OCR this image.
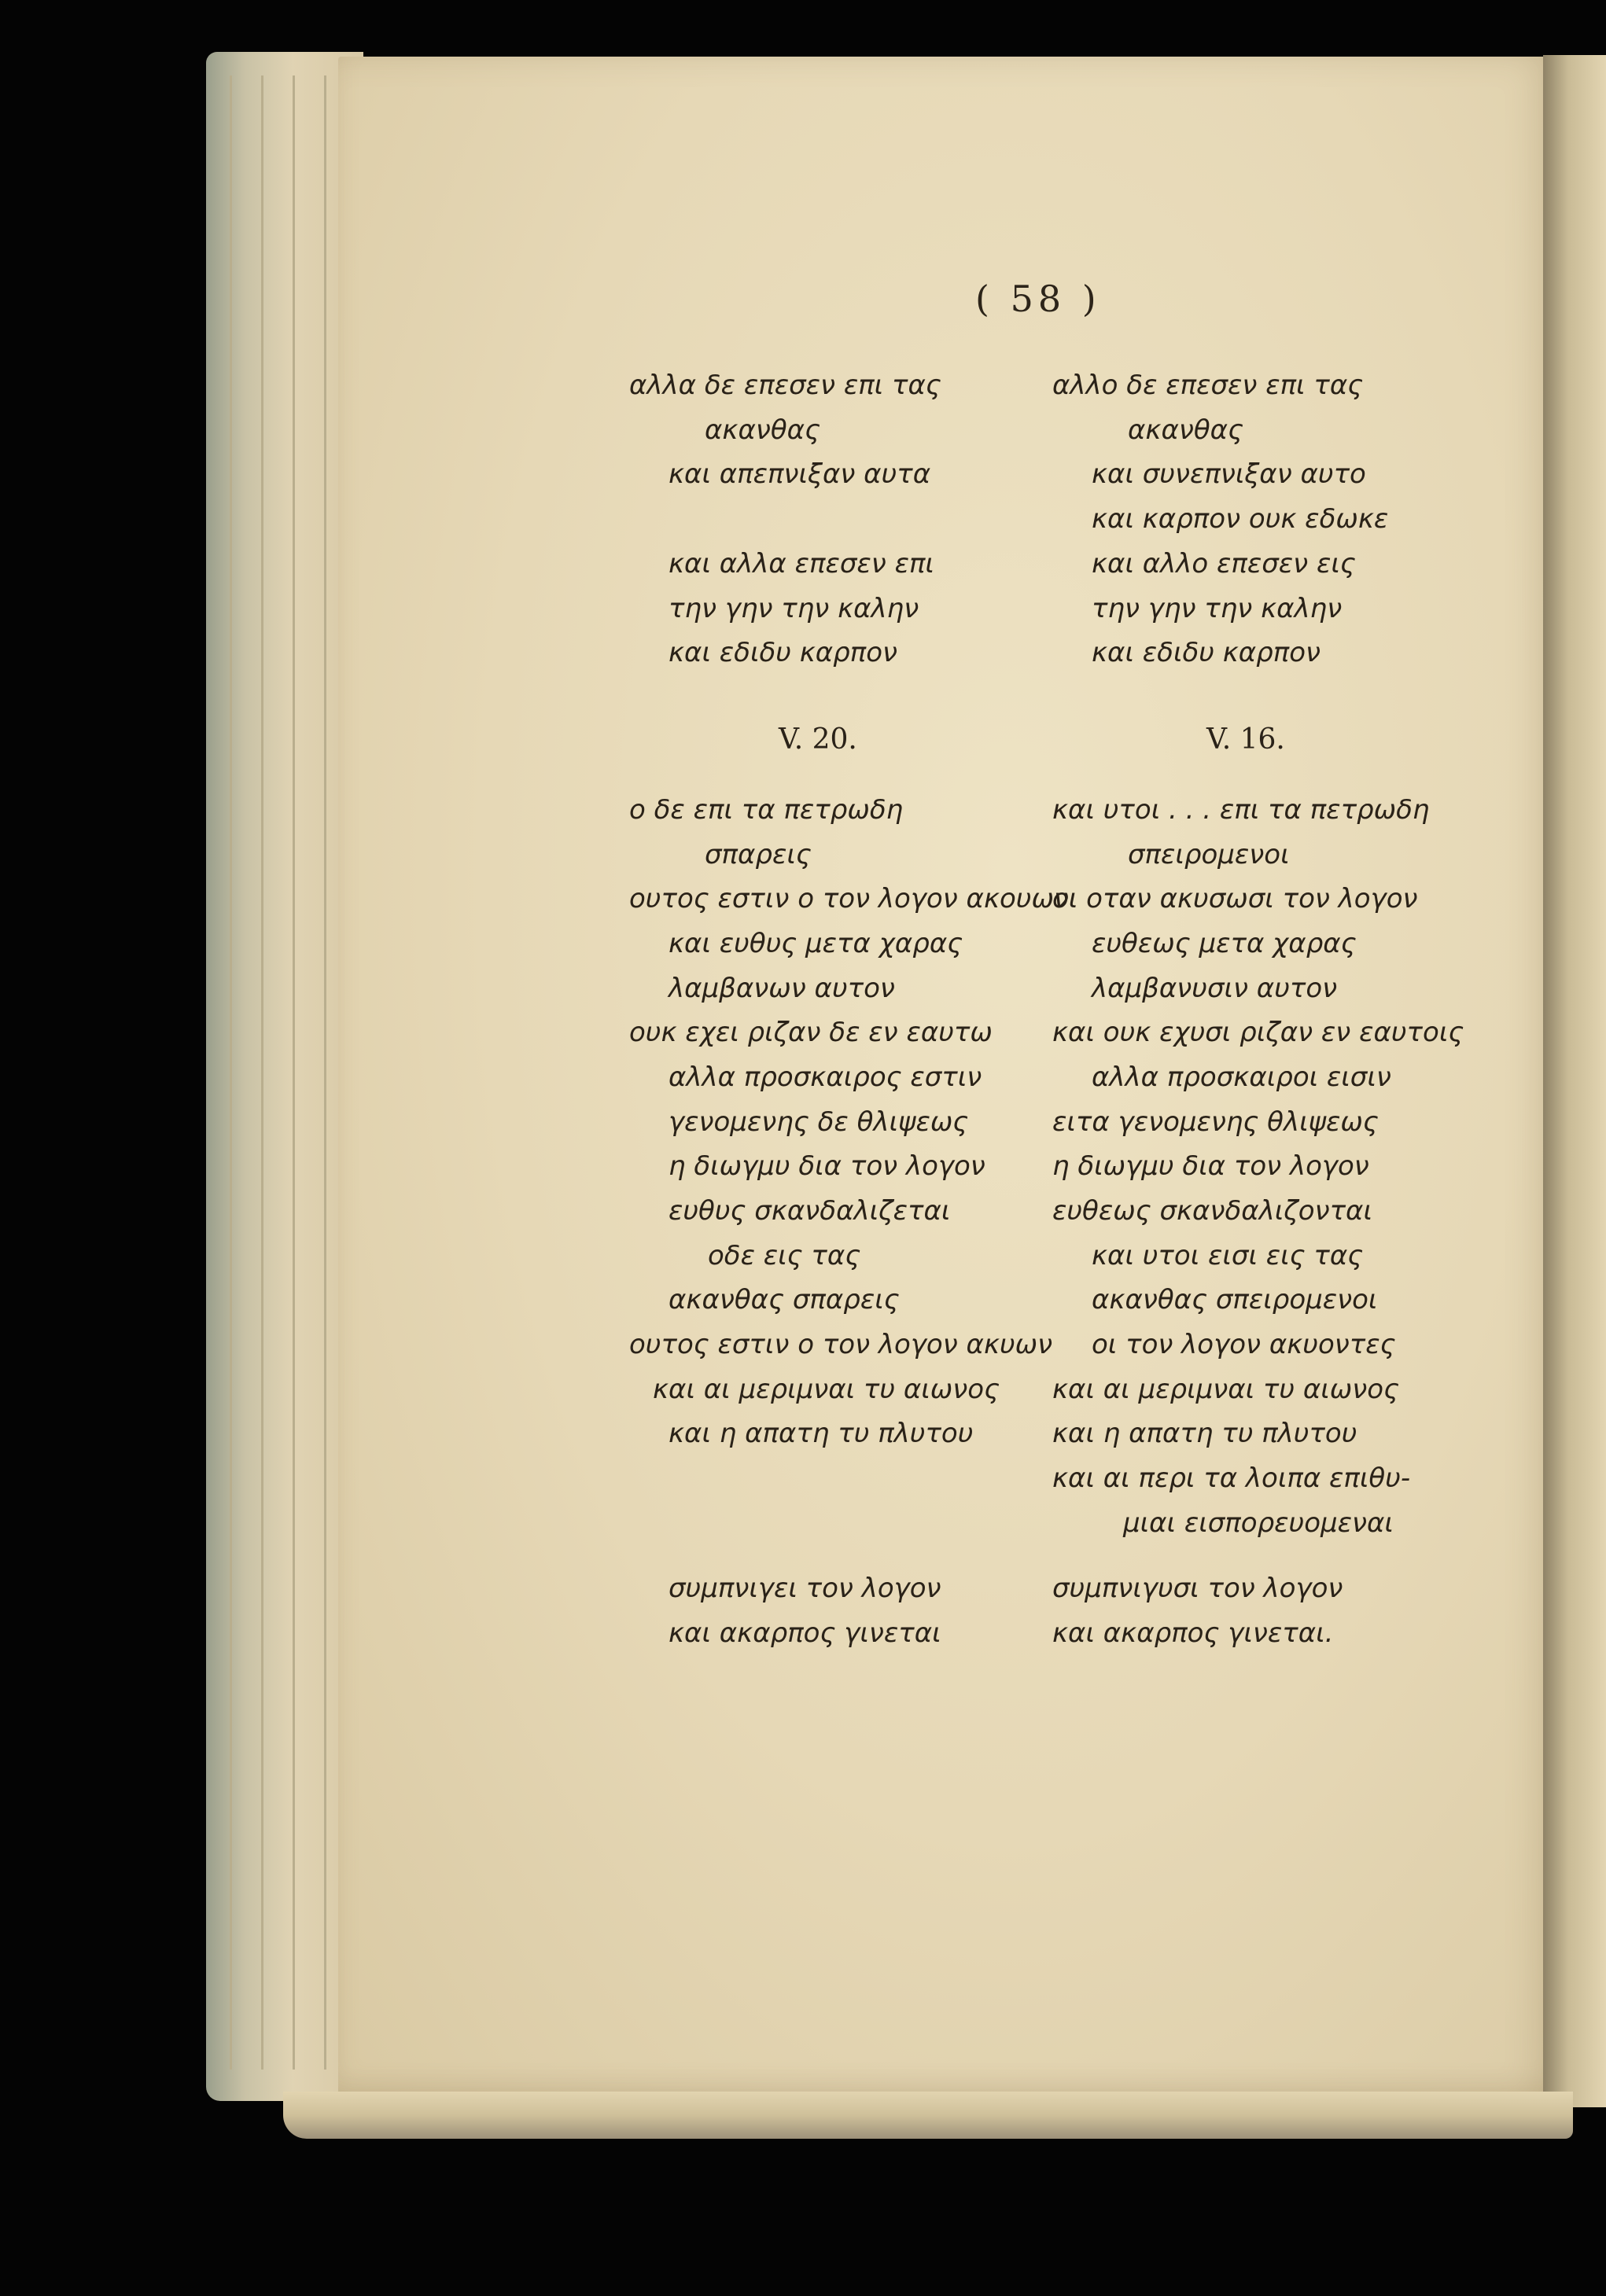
( 58 )
αλλα δε επεσεν επι τας
ακανθας
και απεπνιξαν αυτα
και αλλα επεσεν επι
την γην την καλην
και εδιδυ καρπον
V. 20.
ο δε επι τα πετρωδη
σπαρεις
ουτος εστιν ο τον λογον ακουων
και ευθυς μετα χαρας
λαμβανων αυτον
ουκ εχει ριζαν δε εν εαυτω
αλλα προσκαιρος εστιν
γενομενης δε θλιψεως
η διωγμυ δια τον λογον
ευθυς σκανδαλιζεται
οδε εις τας
ακανθας σπαρεις
ουτος εστιν ο τον λογον ακυων
και αι μεριμναι τυ αιωνος
και η απατη τυ πλυτου
συμπνιγει τον λογον
και ακαρπος γινεται
αλλο δε επεσεν επι τας
ακανθας
και συνεπνιξαν αυτο
και καρπον ουκ εδωκε
και αλλο επεσεν εις
την γην την καλην
και εδιδυ καρπον
V. 16.
και υτοι . . . επι τα πετρωδη
σπειρομενοι
οι οταν ακυσωσι τον λογον
ευθεως μετα χαρας
λαμβανυσιν αυτον
και ουκ εχυσι ριζαν εν εαυτοις
αλλα προσκαιροι εισιν
ειτα γενομενης θλιψεως
η διωγμυ δια τον λογον
ευθεως σκανδαλιζονται
και υτοι εισι εις τας
ακανθας σπειρομενοι
οι τον λογον ακυοντες
και αι μεριμναι τυ αιωνος
και η απατη τυ πλυτου
και αι περι τα λοιπα επιθυ-
μιαι εισπορευομεναι
συμπνιγυσι τον λογον
και ακαρπος γινεται.
